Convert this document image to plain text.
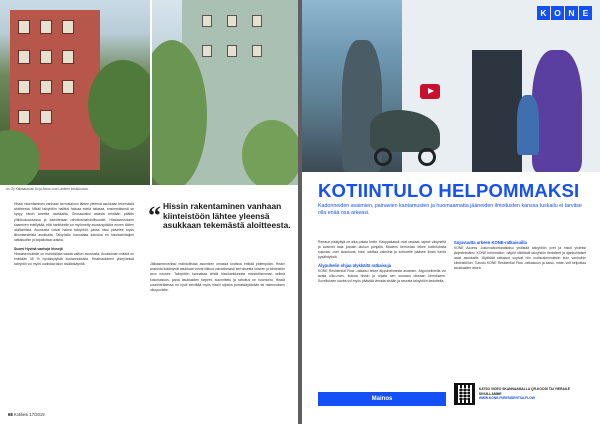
As Oy Kalasataman Ali ja Amos ovat Lahteen kesäkuussa.

Hissin rakentaminen vanhaan kerrostaloon lähtee yleensä asukkaan tekemästä aloitteesta. Mikäli taloyhtiön hallitus haluaa edetä asiassa, ensimmäisenä se kysyy hissin tarvetta osakkailta. Seuraavaksi asiasta tehdään päätös yhtiökokouksessa ja kartoitetaan rahoitusmahdollisuudet. Hissiavustuksen saaminen edellyttää, että hankkeelle on myönnetty avustuspäätös ennen töiden aloittamista. Avustusta voivat hakea taloyhtiöt, joissa hissi palvelee myös liikuntaesteisiä asukkaita. Taloyhtiön kannattaa tutustua eri hissitoimittajien ratkaisuihin ja kilpailuttaa urakka.

Suomi Hyvinä vanhoja hissejä

Hissiasennuksiin on mahdollista saada valtion avustusta. Avustuksen määrä on enintään 45 % hyväksytyistä kustannuksista. Hissihankkeen yhteydessä taloyhtiö voi myös uudistaa talon sisäänkäyntiä.

“ Hissin rakentaminen vanhaan kiinteistöön lähtee yleensä asukkaan tekemästä aloitteesta.

Jälkiasennushissi mahdollistaa asumisen omassa kodissa entistä pidempään. Hissin ansiosta ikääntyvät asukkaat voivat liikkua vaivattomasti kerroksesta toiseen ja kiinteistön arvo nousee. Taloyhtiön kannattaa tehdä hissihankkeesta mahdollisimman selkeä kokonaisuus, jossa asukkaiden tarpeet, suunnittelu ja rahoitus on huomioitu. Hissiä suunniteltaessa on hyvä selvittää myös hissin sijoitus porraskäytävään tai rakennuksen ulkopuolelle.

68 Kotiliesi 17/2019
K O N E
KOTIINTULO HELPOMMAKSI
Kadonneiden avaimien, painavien kantamusten ja huomaamatta jääneiden ilmoitusten kanssa tuskailu ei tarvitse olla enää osa arkeasi.

Reissun päätyttyä on aika palata kotiin. Kauppakassit ovat raskaat, lapset väsyneitä ja avaimet taas jossain laukun pohjalla. Moderni kerrostalo tekee kotiintulosta sujuvaa: ovet avautuvat, hissi odottaa valmiina ja kotiovelle pääsee ilman turhia pysähdyksiä.

Älypuhelin ohjaa älykkäitä ratkaisuja

KONE Residential Flow -ratkaisu tekee älypuhelimesta avaimen. Älypuhelimella voi avata ulko-oven, kutsua hissin ja ohjata sen suoraan oikeaan kerrokseen. Sovelluksen kautta voi myös päästää vieraita sisään ja seurata taloyhtiön tiedotteita.

Sujuvuutta arkeen KONE-ratkaisuilla

KONE Access -kulunvalvontaratkaisu yhdistää taloyhtiön ovet ja hissit yhdeksi järjestelmäksi. KONE Information -näytöt välittävät taloyhtiön tiedotteet ja ajankohtaiset asiat asukkaille. Älykkäät ratkaisut sopivat niin uudisrakennuksiin kuin vanhoihin kiinteistöihin. Tutustu KONE Residential Flow -ratkaisuun ja katso, miten voit helpottaa asukkaiden arkea.

Mainos
KATSO VIDEO SKANNAAMALLA QR-KOODI TAI VIERAILE SIVUILLAMME
WWW.KONE.FI/RESIDENTIALFLOW
